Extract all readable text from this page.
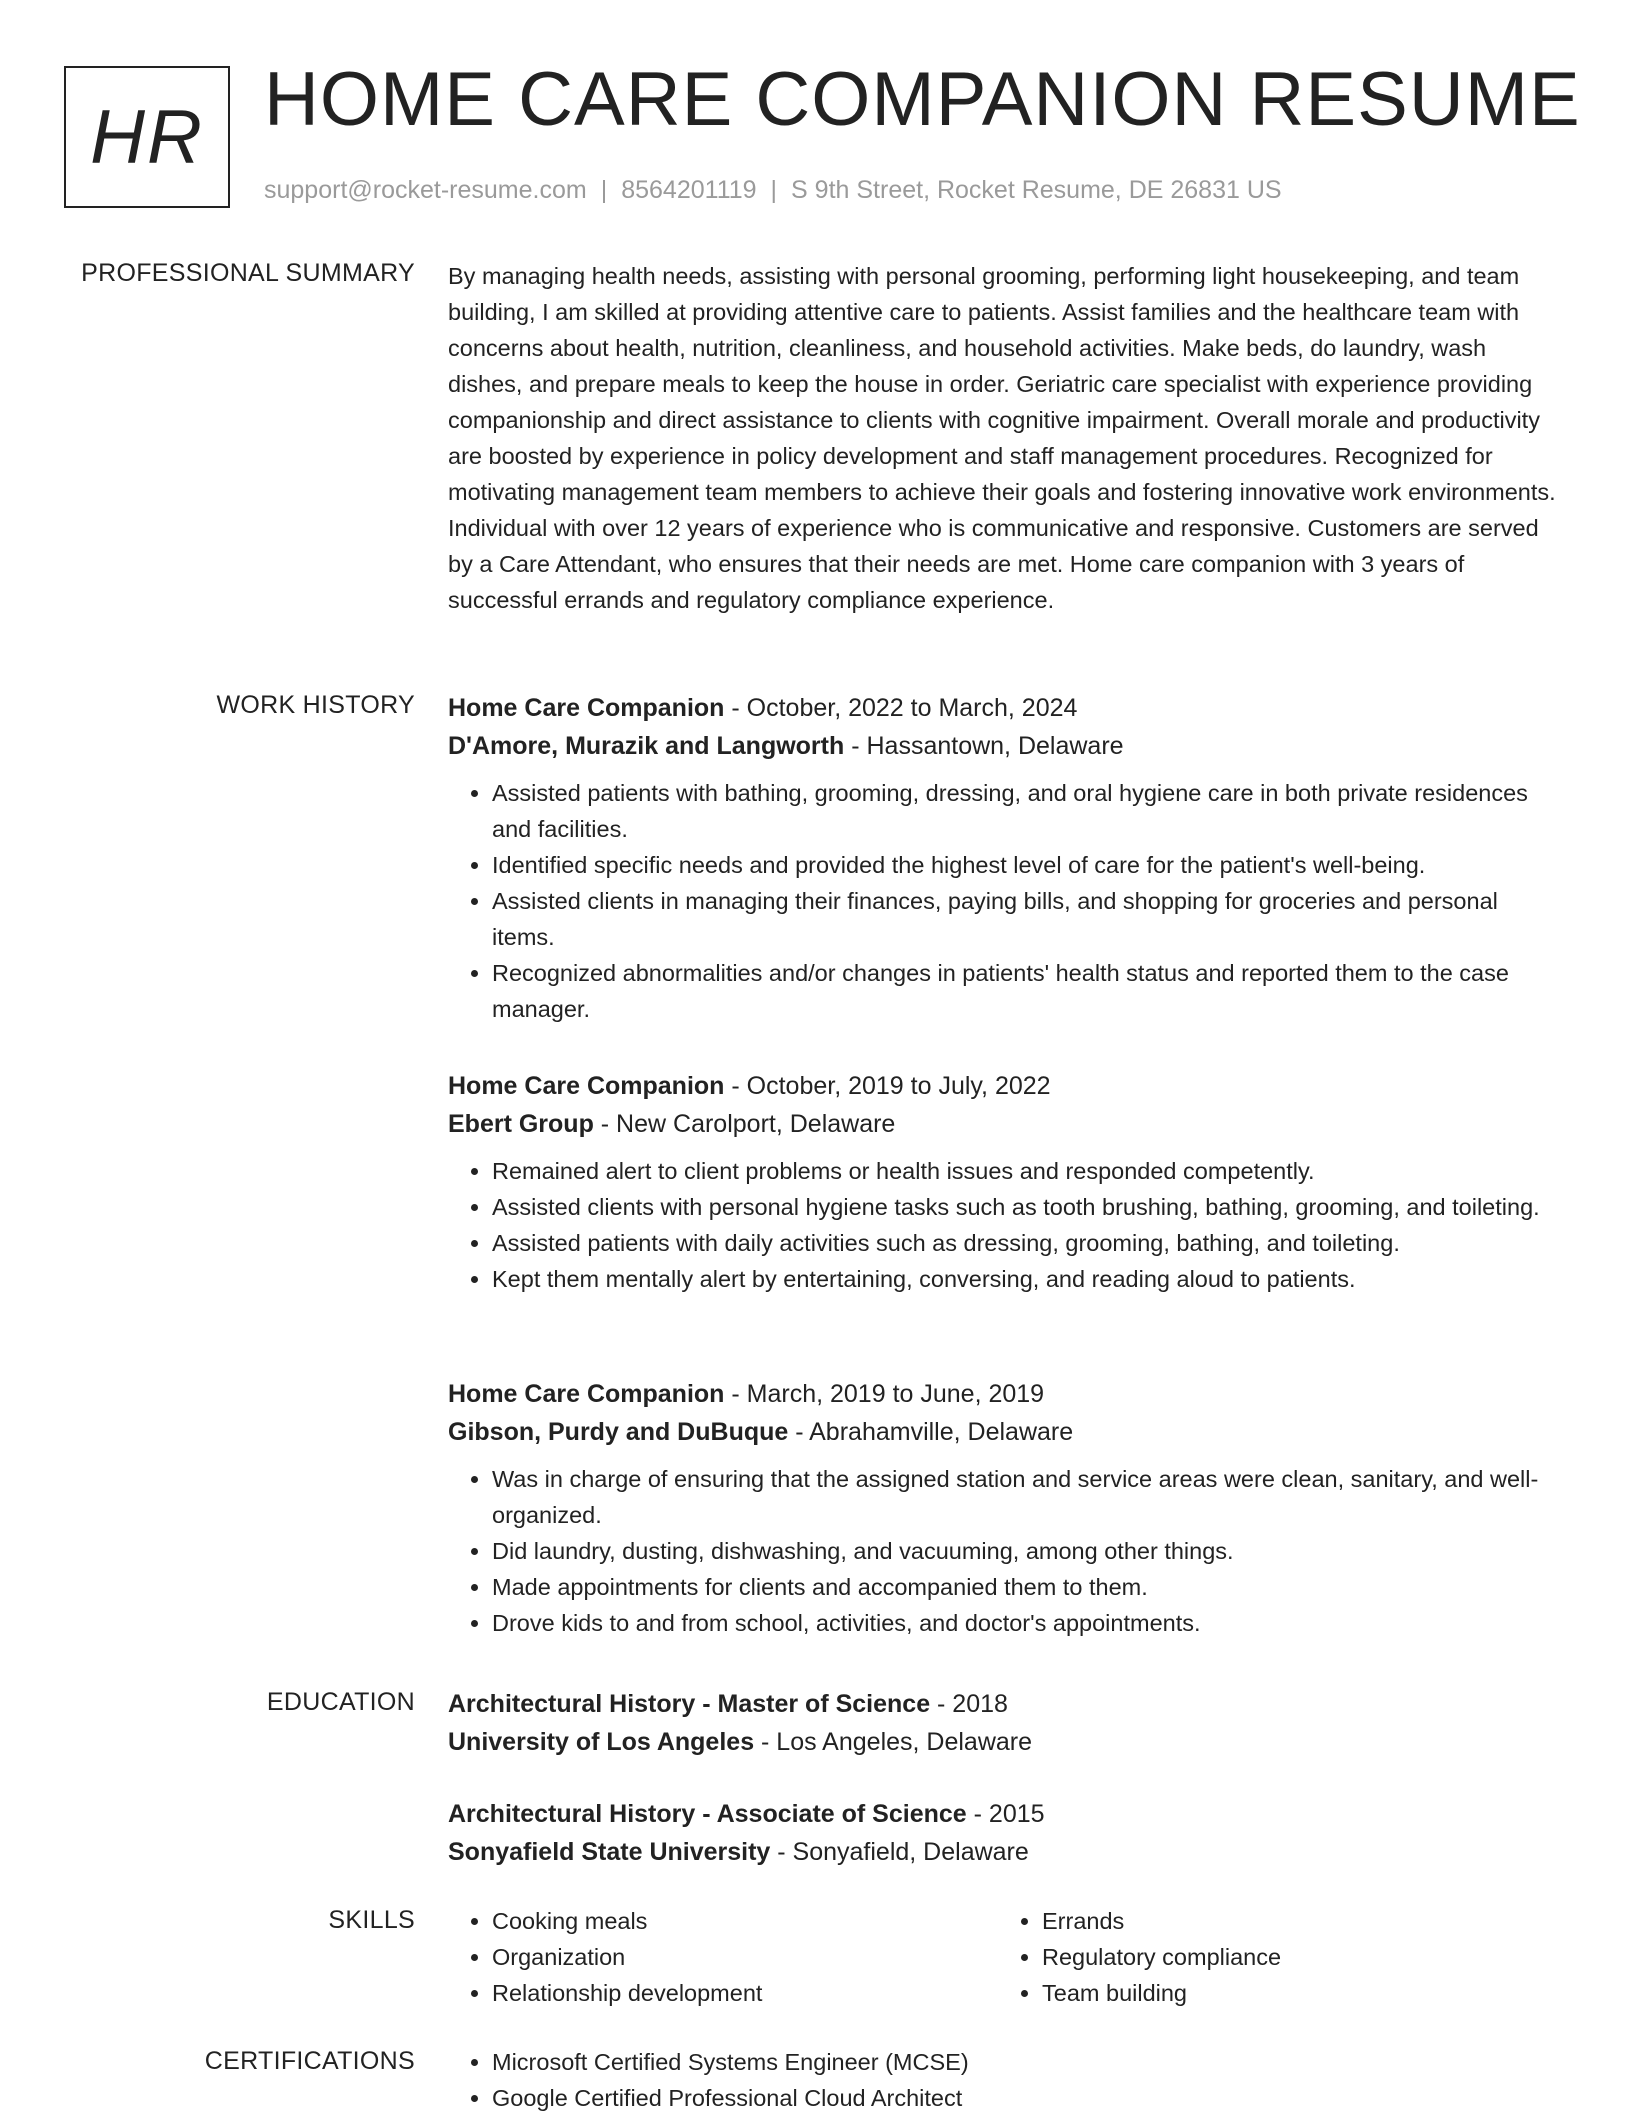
HR HOME CARE COMPANION RESUME
support@rocket-resume.com | 8564201119 | S 9th Street, Rocket Resume, DE 26831 US
PROFESSIONAL SUMMARY By managing health needs, assisting with personal grooming, performing light housekeeping, and team building, I am skilled at providing attentive care to patients. Assist families and the healthcare team with concerns about health, nutrition, cleanliness, and household activities. Make beds, do laundry, wash dishes, and prepare meals to keep the house in order. Geriatric care specialist with experience providing companionship and direct assistance to clients with cognitive impairment. Overall morale and productivity are boosted by experience in policy development and staff management procedures. Recognized for motivating management team members to achieve their goals and fostering innovative work environments. Individual with over 12 years of experience who is communicative and responsive. Customers are served by a Care Attendant, who ensures that their needs are met. Home care companion with 3 years of successful errands and regulatory compliance experience.

WORK HISTORY Home Care Companion - October, 2022 to March, 2024
D'Amore, Murazik and Langworth - Hassantown, Delaware
• Assisted patients with bathing, grooming, dressing, and oral hygiene care in both private residences and facilities.
• Identified specific needs and provided the highest level of care for the patient's well-being.
• Assisted clients in managing their finances, paying bills, and shopping for groceries and personal items.
• Recognized abnormalities and/or changes in patients' health status and reported them to the case manager.
Home Care Companion - October, 2019 to July, 2022
Ebert Group - New Carolport, Delaware
• Remained alert to client problems or health issues and responded competently.
• Assisted clients with personal hygiene tasks such as tooth brushing, bathing, grooming, and toileting.
• Assisted patients with daily activities such as dressing, grooming, bathing, and toileting.
• Kept them mentally alert by entertaining, conversing, and reading aloud to patients.
Home Care Companion - March, 2019 to June, 2019
Gibson, Purdy and DuBuque - Abrahamville, Delaware
• Was in charge of ensuring that the assigned station and service areas were clean, sanitary, and well-organized.
• Did laundry, dusting, dishwashing, and vacuuming, among other things.
• Made appointments for clients and accompanied them to them.
• Drove kids to and from school, activities, and doctor's appointments.
EDUCATION Architectural History - Master of Science - 2018
University of Los Angeles - Los Angeles, Delaware
Architectural History - Associate of Science - 2015
Sonyafield State University - Sonyafield, Delaware
SKILLS	• Cooking meals
• Organization
• Relationship development
• Errands
• Regulatory compliance
• Team building
CERTIFICATIONS	• Microsoft Certified Systems Engineer (MCSE)
• Google Certified Professional Cloud Architect
